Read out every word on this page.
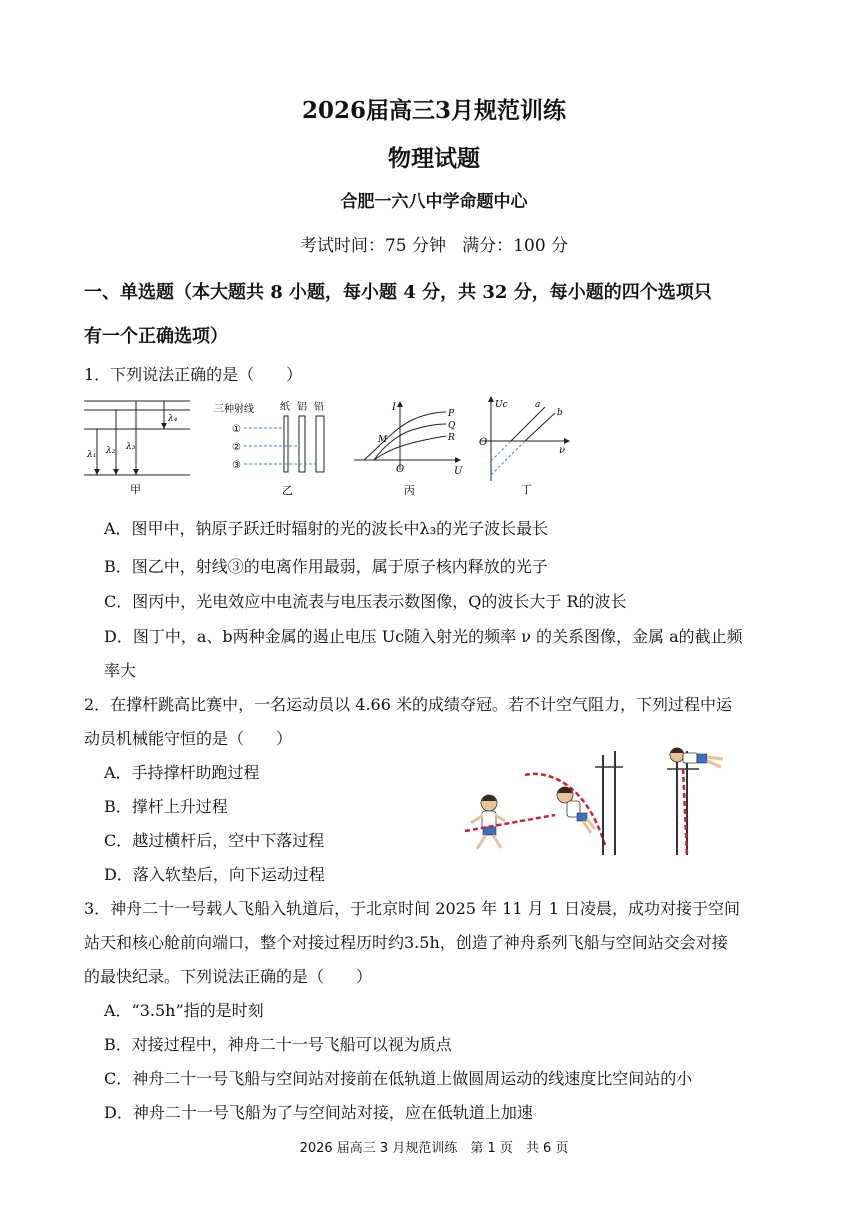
2026届高三3月规范训练
物理试题
合肥一六八中学命题中心
考试时间：75 分钟   满分：100 分
一、单选题（本大题共 8 小题，每小题 4 分，共 32 分，每小题的四个选项只
有一个正确选项）
1．下列说法正确的是（　　）
λ₁ λ₂ λ₃
λ₄
甲
三种射线	纸 铝 铅
①
②
③
乙
I
U
O
P
Q
R
M
丙
Uc
O
a
b
ν
丁
A．图甲中，钠原子跃迁时辐射的光的波长中λ₃的光子波长最长
B．图乙中，射线③的电离作用最弱，属于原子核内释放的光子
C．图丙中，光电效应中电流表与电压表示数图像，Q的波长大于 R的波长
D．图丁中，a、b两种金属的遏止电压 Uc随入射光的频率 ν 的关系图像，金属 a的截止频
率大
2．在撑杆跳高比赛中，一名运动员以 4.66 米的成绩夺冠。若不计空气阻力，下列过程中运
动员机械能守恒的是（　　）
A．手持撑杆助跑过程
B．撑杆上升过程
C．越过横杆后，空中下落过程
D．落入软垫后，向下运动过程
3．神舟二十一号载人飞船入轨道后，于北京时间 2025 年 11 月 1 日凌晨，成功对接于空间
站天和核心舱前向端口，整个对接过程历时约3.5h，创造了神舟系列飞船与空间站交会对接
的最快纪录。下列说法正确的是（　　）
A．“3.5h”指的是时刻
B．对接过程中，神舟二十一号飞船可以视为质点
C．神舟二十一号飞船与空间站对接前在低轨道上做圆周运动的线速度比空间站的小
D．神舟二十一号飞船为了与空间站对接，应在低轨道上加速
2026 届高三 3 月规范训练　第 1 页　共 6 页
